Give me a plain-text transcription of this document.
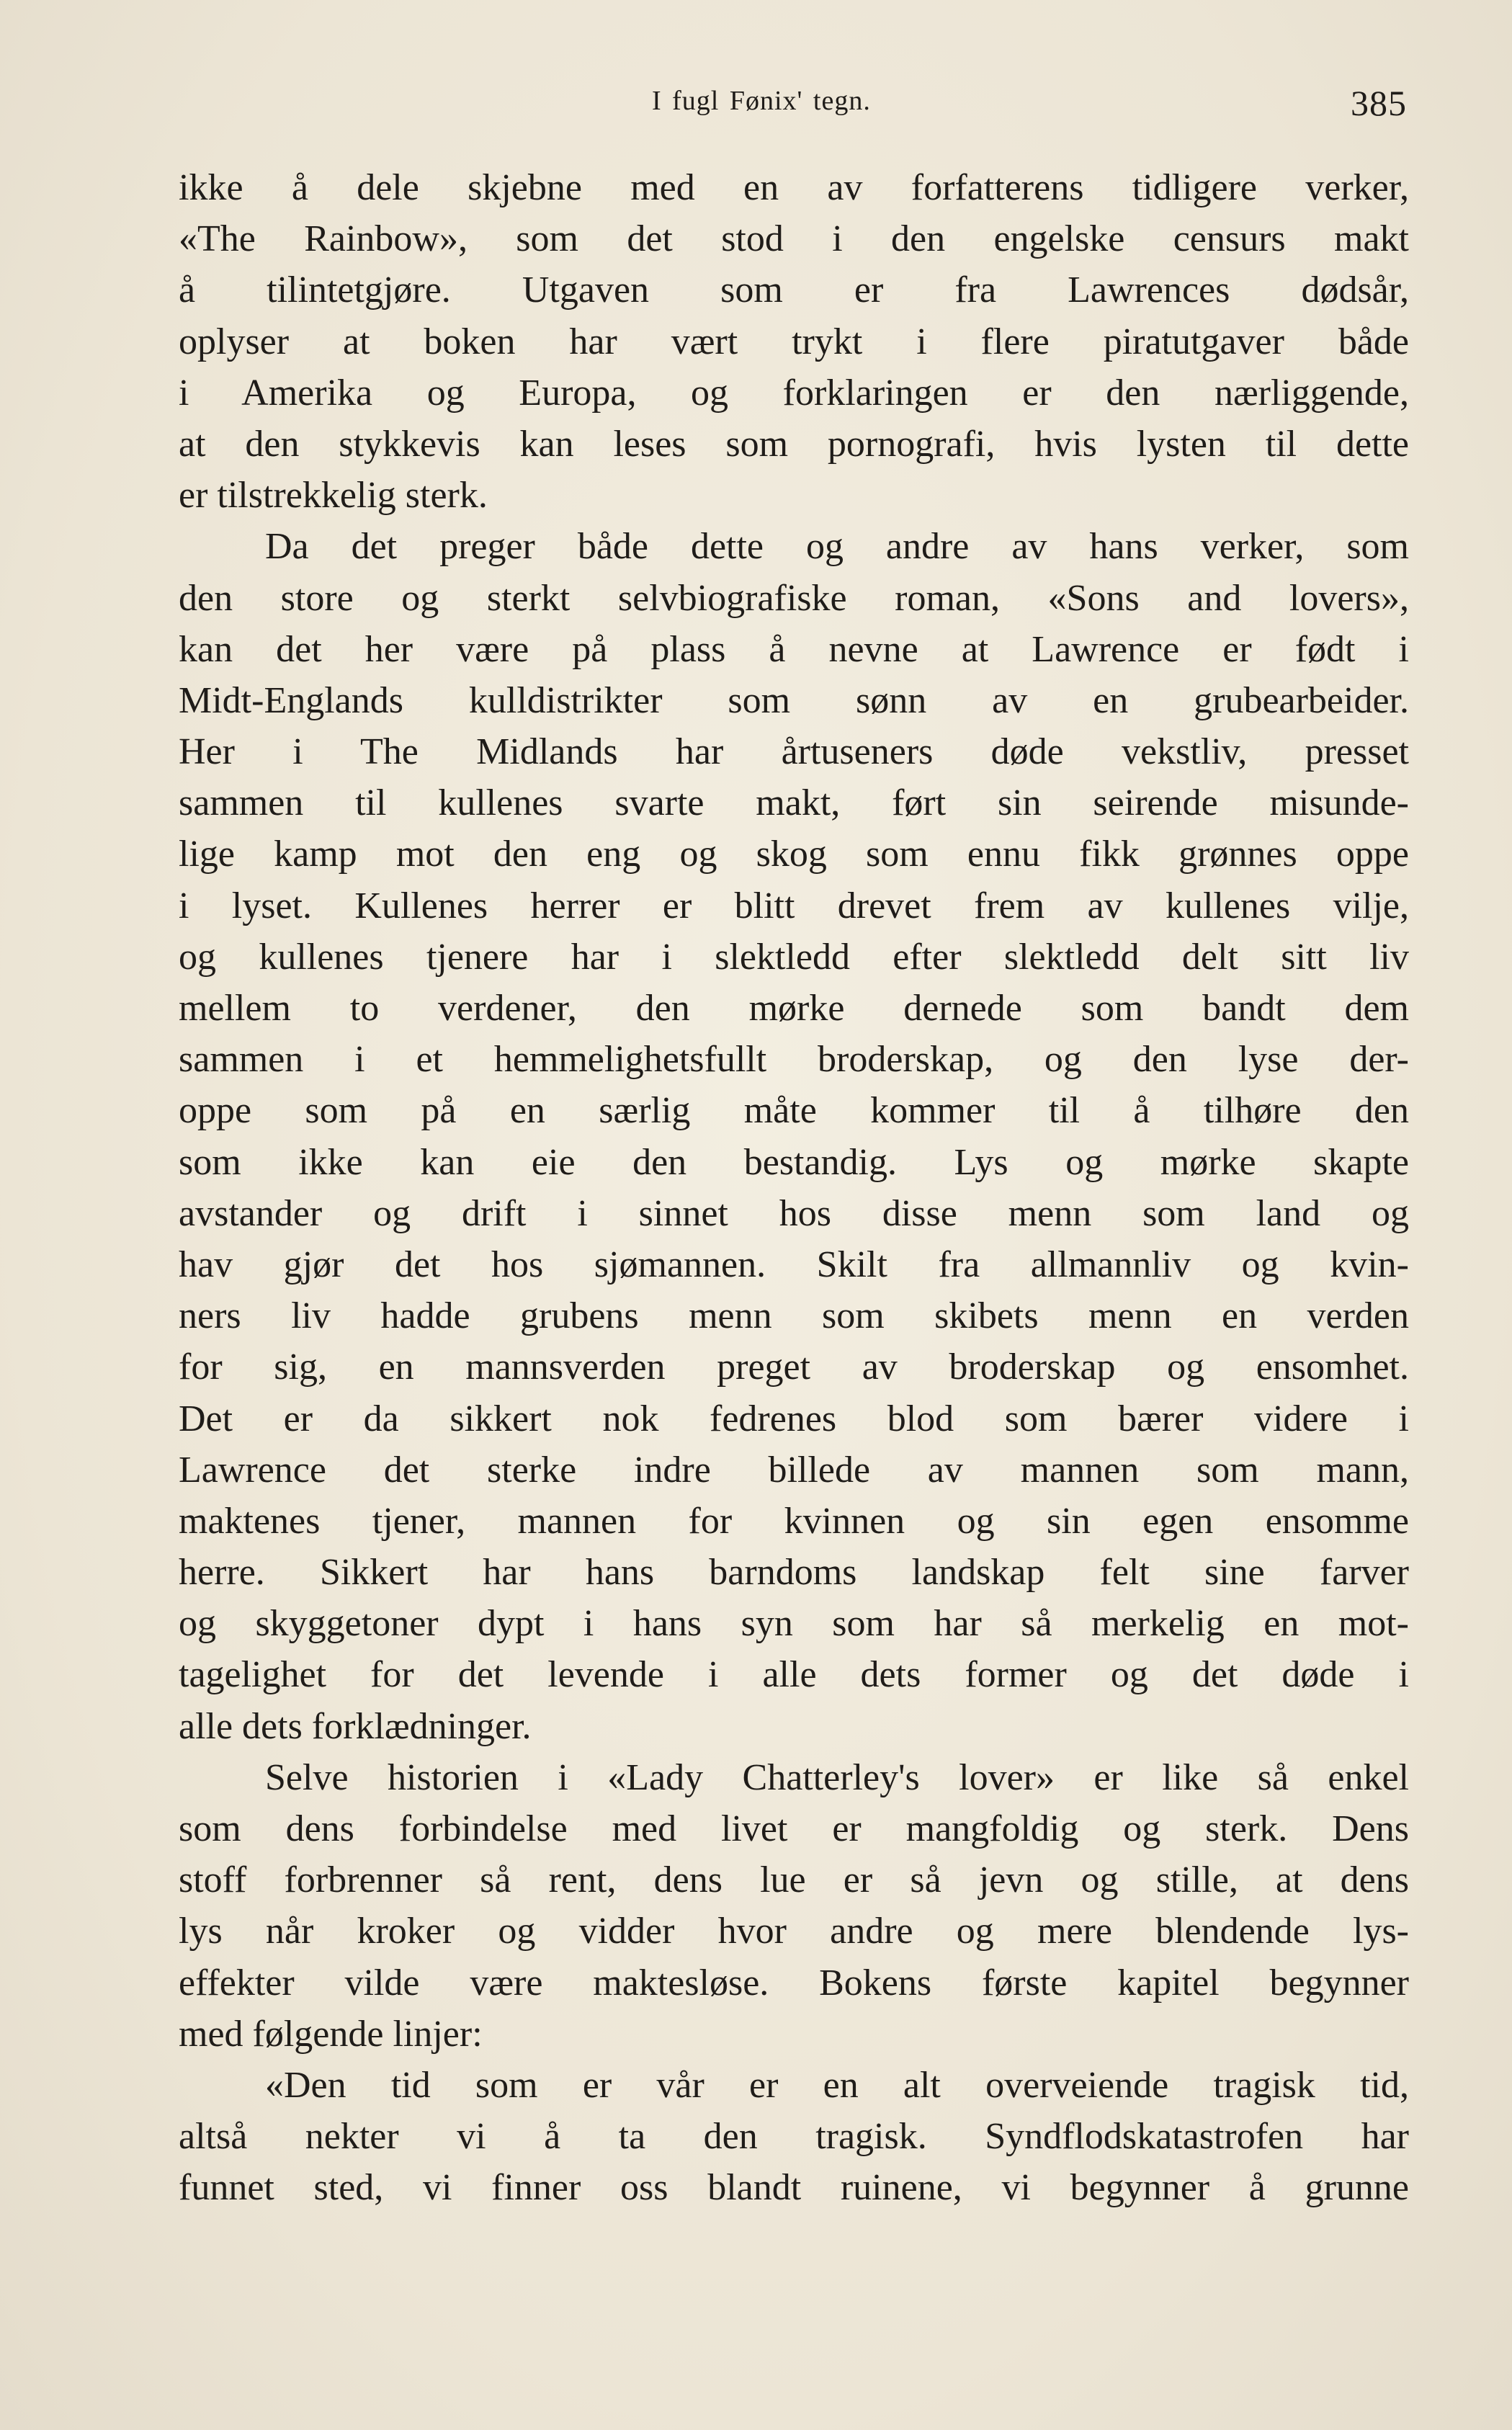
I fugl Fønix' tegn.	385
ikke å dele skjebne med en av forfatterens tidligere verker,
«The Rainbow», som det stod i den engelske censurs makt
å tilintetgjøre. Utgaven som er fra Lawrences dødsår,
oplyser at boken har vært trykt i flere piratutgaver både
i Amerika og Europa, og forklaringen er den nærliggende,
at den stykkevis kan leses som pornografi, hvis lysten til dette
er tilstrekkelig sterk.
Da det preger både dette og andre av hans verker, som
den store og sterkt selvbiografiske roman, «Sons and lovers»,
kan det her være på plass å nevne at Lawrence er født i
Midt-Englands kulldistrikter som sønn av en grubearbeider.
Her i The Midlands har årtuseners døde vekstliv, presset
sammen til kullenes svarte makt, ført sin seirende misunde-
lige kamp mot den eng og skog som ennu fikk grønnes oppe
i lyset. Kullenes herrer er blitt drevet frem av kullenes vilje,
og kullenes tjenere har i slektledd efter slektledd delt sitt liv
mellem to verdener, den mørke dernede som bandt dem
sammen i et hemmelighetsfullt broderskap, og den lyse der-
oppe som på en særlig måte kommer til å tilhøre den
som ikke kan eie den bestandig. Lys og mørke skapte
avstander og drift i sinnet hos disse menn som land og
hav gjør det hos sjømannen. Skilt fra allmannliv og kvin-
ners liv hadde grubens menn som skibets menn en verden
for sig, en mannsverden preget av broderskap og ensomhet.
Det er da sikkert nok fedrenes blod som bærer videre i
Lawrence det sterke indre billede av mannen som mann,
maktenes tjener, mannen for kvinnen og sin egen ensomme
herre. Sikkert har hans barndoms landskap felt sine farver
og skyggetoner dypt i hans syn som har så merkelig en mot-
tagelighet for det levende i alle dets former og det døde i
alle dets forklædninger.
Selve historien i «Lady Chatterley's lover» er like så enkel
som dens forbindelse med livet er mangfoldig og sterk. Dens
stoff forbrenner så rent, dens lue er så jevn og stille, at dens
lys når kroker og vidder hvor andre og mere blendende lys-
effekter vilde være maktesløse. Bokens første kapitel begynner
med følgende linjer:
«Den tid som er vår er en alt overveiende tragisk tid,
altså nekter vi å ta den tragisk. Syndflodskatastrofen har
funnet sted, vi finner oss blandt ruinene, vi begynner å grunne
